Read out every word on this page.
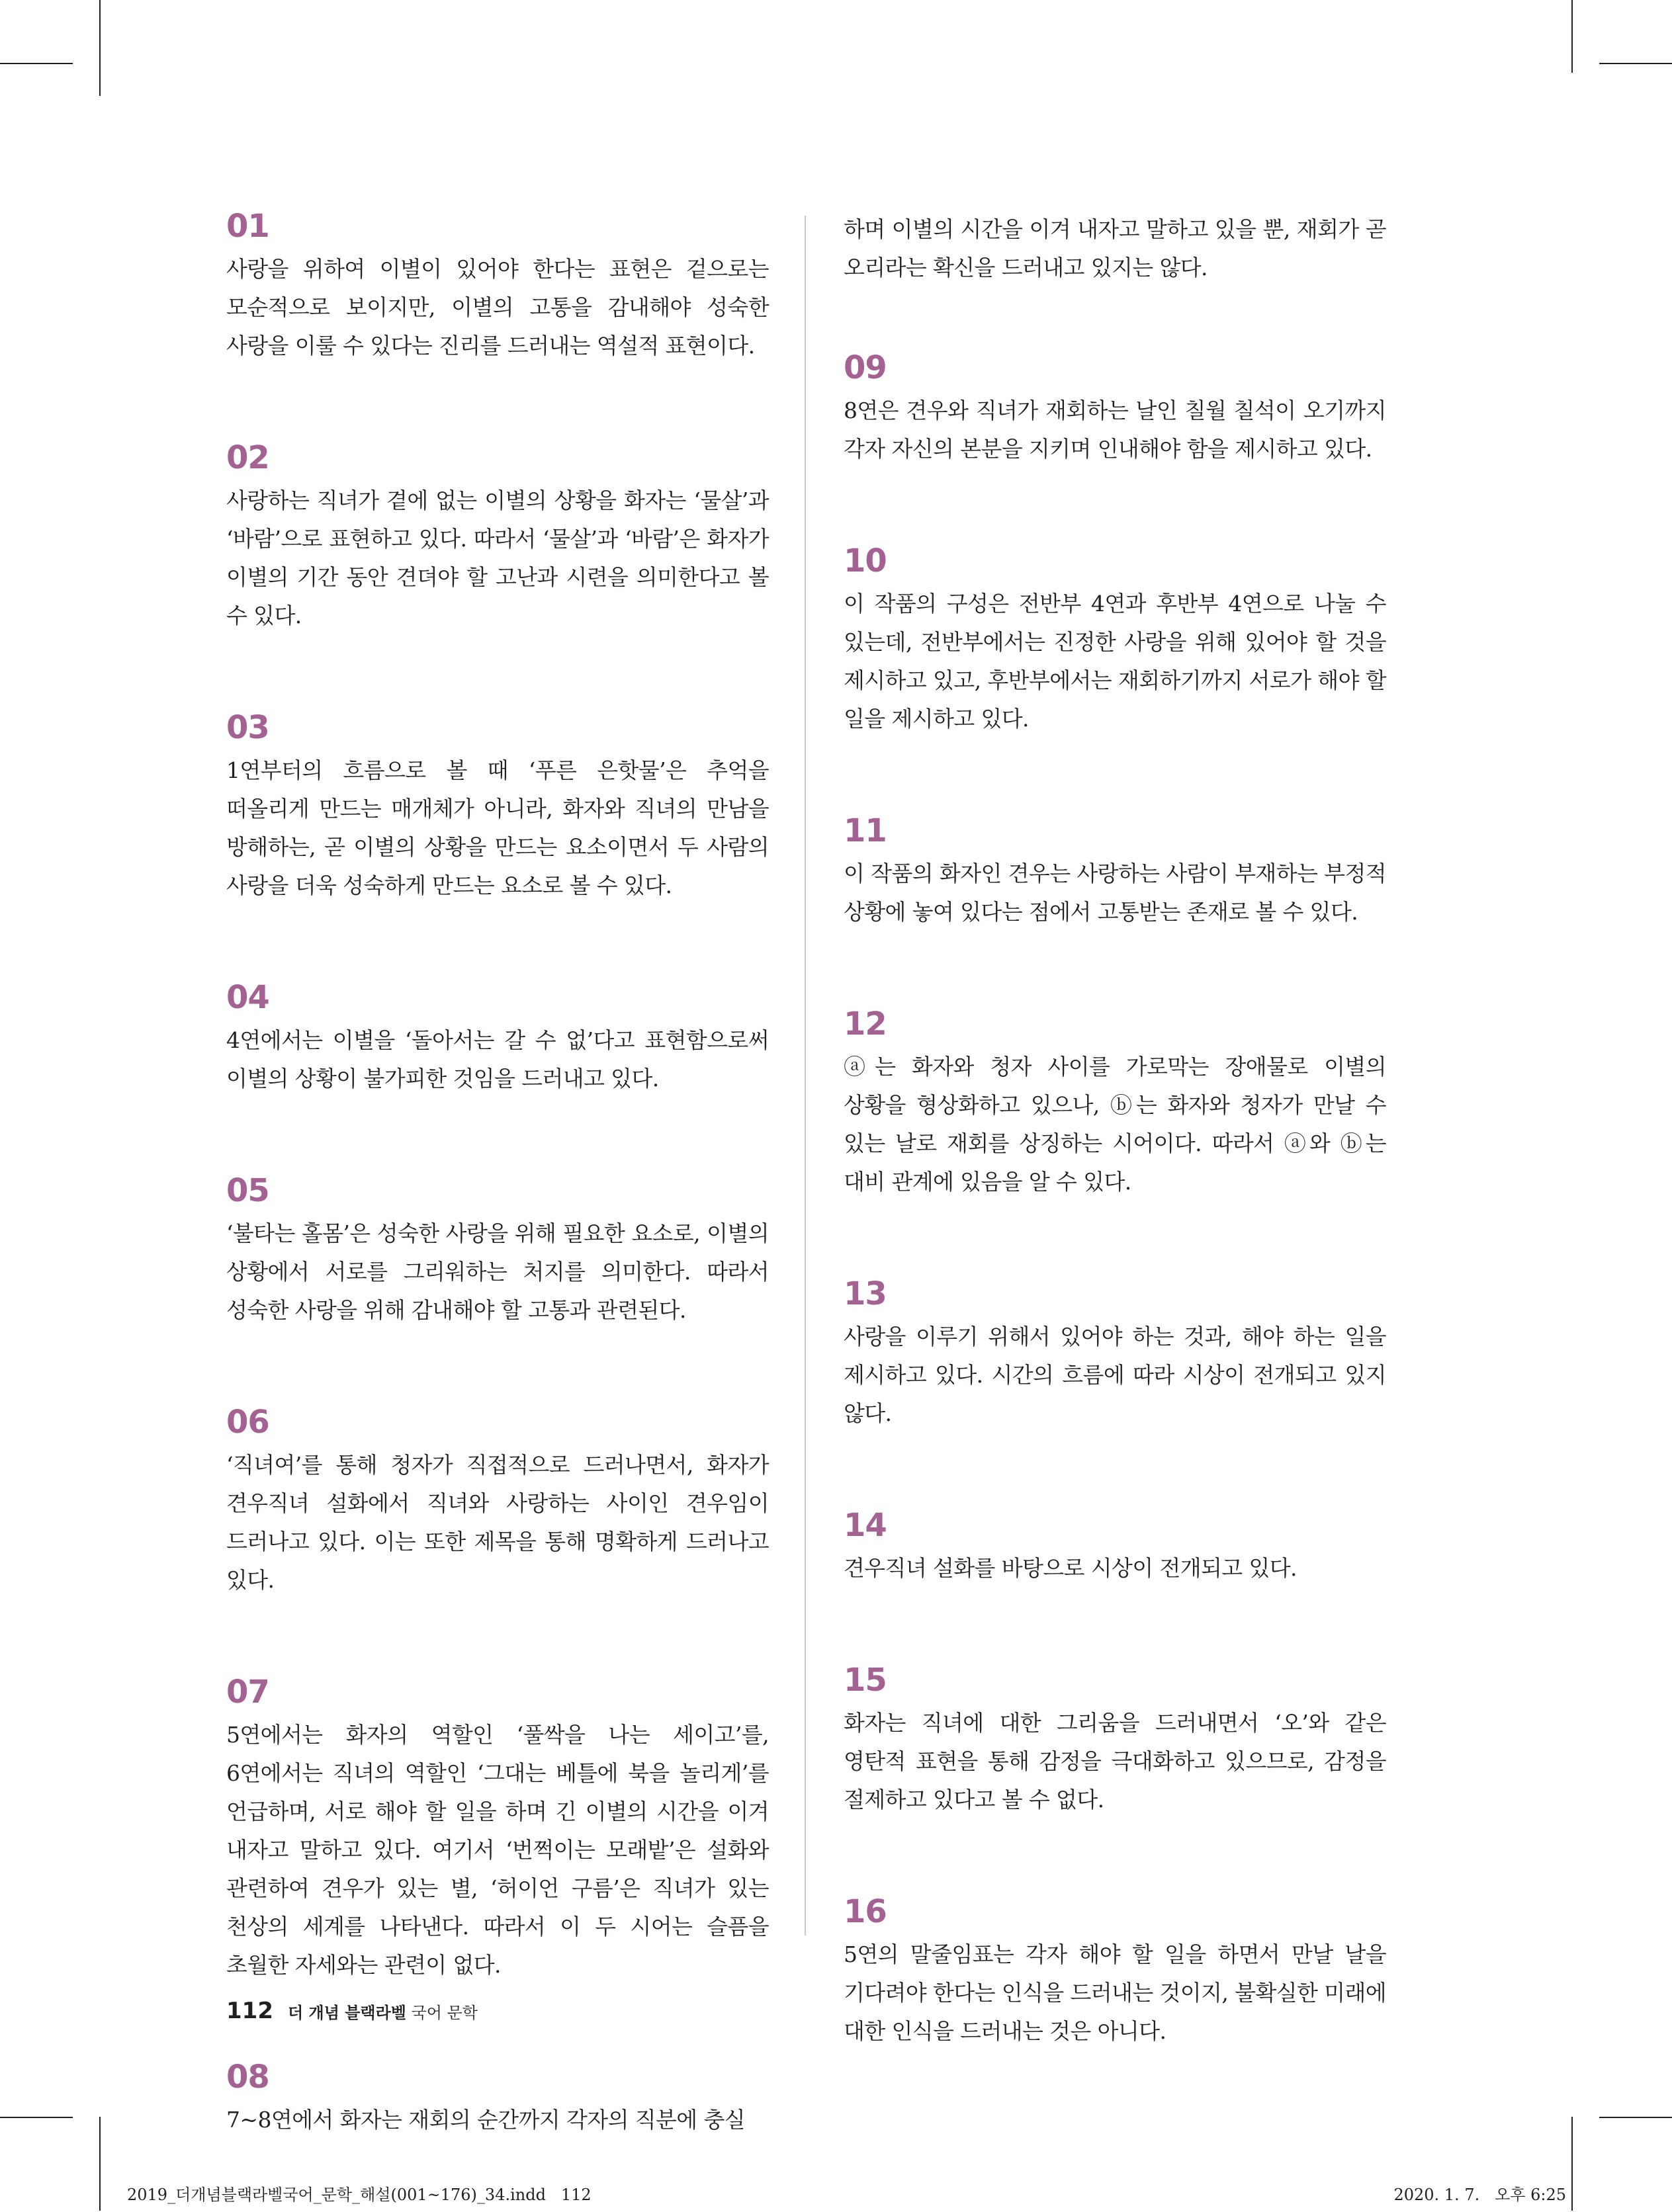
01
사랑을 위하여 이별이 있어야 한다는 표현은 겉으로는 모순적으로 보이지만, 이별의 고통을 감내해야 성숙한 사랑을 이룰 수 있다는 진리를 드러내는 역설적 표현이다.
02
사랑하는 직녀가 곁에 없는 이별의 상황을 화자는 ‘물살’과 ‘바람’으로 표현하고 있다. 따라서 ‘물살’과 ‘바람’은 화자가 이별의 기간 동안 견뎌야 할 고난과 시련을 의미한다고 볼 수 있다.
03
1연부터의 흐름으로 볼 때 ‘푸른 은핫물’은 추억을 떠올리게 만드는 매개체가 아니라, 화자와 직녀의 만남을 방해하는, 곧 이별의 상황을 만드는 요소이면서 두 사람의 사랑을 더욱 성숙하게 만드는 요소로 볼 수 있다.
04
4연에서는 이별을 ‘돌아서는 갈 수 없’다고 표현함으로써 이별의 상황이 불가피한 것임을 드러내고 있다.
05
‘불타는 홀몸’은 성숙한 사랑을 위해 필요한 요소로, 이별의 상황에서 서로를 그리워하는 처지를 의미한다. 따라서 성숙한 사랑을 위해 감내해야 할 고통과 관련된다.
06
‘직녀여’를 통해 청자가 직접적으로 드러나면서, 화자가 견우직녀 설화에서 직녀와 사랑하는 사이인 견우임이 드러나고 있다. 이는 또한 제목을 통해 명확하게 드러나고 있다.
07
5연에서는 화자의 역할인 ‘풀싹을 나는 세이고’를, 6연에서는 직녀의 역할인 ‘그대는 베틀에 북을 놀리게’를 언급하며, 서로 해야 할 일을 하며 긴 이별의 시간을 이겨 내자고 말하고 있다. 여기서 ‘번쩍이는 모래밭’은 설화와 관련하여 견우가 있는 별, ‘허이언 구름’은 직녀가 있는 천상의 세계를 나타낸다. 따라서 이 두 시어는 슬픔을 초월한 자세와는 관련이 없다.
08
7~8연에서 화자는 재회의 순간까지 각자의 직분에 충실
하며 이별의 시간을 이겨 내자고 말하고 있을 뿐, 재회가 곧 오리라는 확신을 드러내고 있지는 않다.
09
8연은 견우와 직녀가 재회하는 날인 칠월 칠석이 오기까지 각자 자신의 본분을 지키며 인내해야 함을 제시하고 있다.
10
이 작품의 구성은 전반부 4연과 후반부 4연으로 나눌 수 있는데, 전반부에서는 진정한 사랑을 위해 있어야 할 것을 제시하고 있고, 후반부에서는 재회하기까지 서로가 해야 할 일을 제시하고 있다.
11
이 작품의 화자인 견우는 사랑하는 사람이 부재하는 부정적 상황에 놓여 있다는 점에서 고통받는 존재로 볼 수 있다.
12
ⓐ는 화자와 청자 사이를 가로막는 장애물로 이별의 상황을 형상화하고 있으나, ⓑ는 화자와 청자가 만날 수 있는 날로 재회를 상징하는 시어이다. 따라서 ⓐ와 ⓑ는 대비 관계에 있음을 알 수 있다.
13
사랑을 이루기 위해서 있어야 하는 것과, 해야 하는 일을 제시하고 있다. 시간의 흐름에 따라 시상이 전개되고 있지 않다.
14
견우직녀 설화를 바탕으로 시상이 전개되고 있다.
15
화자는 직녀에 대한 그리움을 드러내면서 ‘오’와 같은 영탄적 표현을 통해 감정을 극대화하고 있으므로, 감정을 절제하고 있다고 볼 수 없다.
16
5연의 말줄임표는 각자 해야 할 일을 하면서 만날 날을 기다려야 한다는 인식을 드러내는 것이지, 불확실한 미래에 대한 인식을 드러내는 것은 아니다.
112 더 개념 블랙라벨 국어 문학
2019_더개념블랙라벨국어_문학_해설(001~176)_34.indd   112	2020. 1. 7.   오후 6:25
